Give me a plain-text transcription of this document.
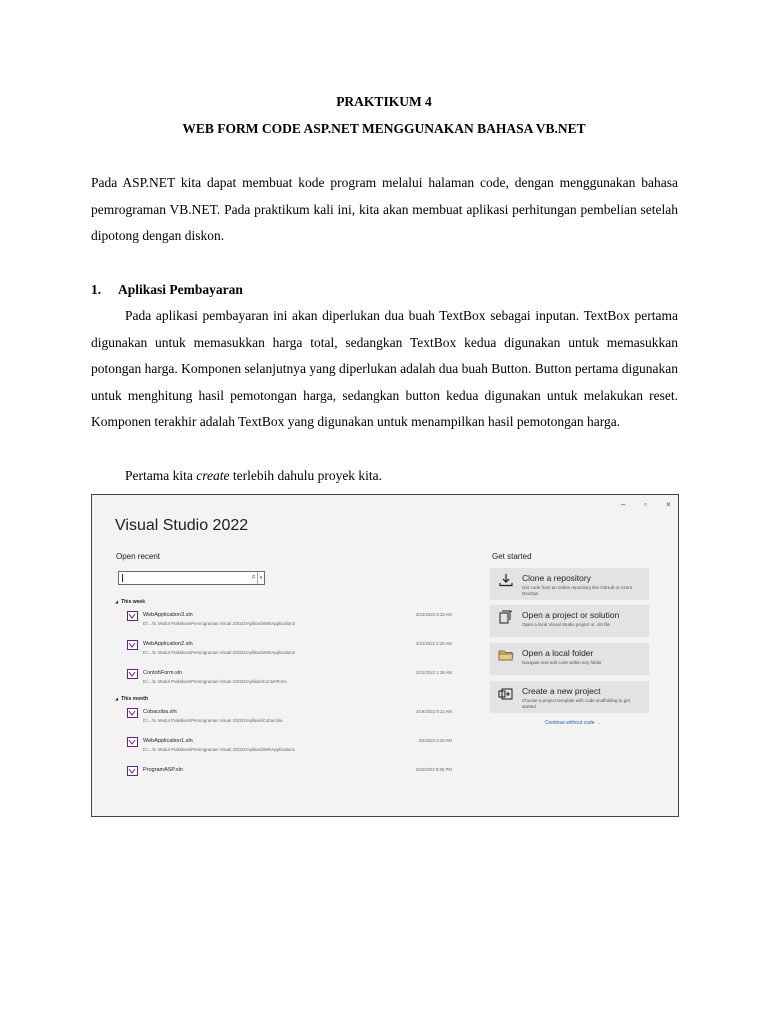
PRAKTIKUM 4
WEB FORM CODE ASP.NET MENGGUNAKAN BAHASA VB.NET
Pada ASP.NET kita dapat membuat kode program melalui halaman code, dengan menggunakan bahasa pemrograman VB.NET. Pada praktikum kali ini, kita akan membuat aplikasi perhitungan pembelian setelah dipotong dengan diskon.
1. Aplikasi Pembayaran
Pada aplikasi pembayaran ini akan diperlukan dua buah TextBox sebagai inputan. TextBox pertama digunakan untuk memasukkan harga total, sedangkan TextBox kedua digunakan untuk memasukkan potongan harga. Komponen selanjutnya yang diperlukan adalah dua buah Button. Button pertama digunakan untuk menghitung hasil pemotongan harga, sedangkan button kedua digunakan untuk melakukan reset. Komponen terakhir adalah TextBox yang digunakan untuk menampilkan hasil pemotongan harga.
Pertama kita create terlebih dahulu proyek kita.
– ▫ ×
Visual Studio 2022
Open recent
⌕ ▾
◢ This week
WebApplication3.sln
D:\...\5. Modul Praktikum\Pemrograman Visual 2\2022\Aplikasi\WebApplication3
3/23/2022 8:33 AM
WebApplication2.sln
D:\...\5. Modul Praktikum\Pemrograman Visual 2\2022\Aplikasi\WebApplication2
3/21/2022 2:30 AM
ContohForm.sln
D:\...\5. Modul Praktikum\Pemrograman Visual 2\2022\Aplikasi\ContohForm
3/21/2022 1:36 AM
◢ This month
Cobacoba.sln
D:\...\5. Modul Praktikum\Pemrograman Visual 2\2022\Aplikasi\Cobacoba
3/19/2022 9:12 AM
WebApplication1.sln
D:\...\5. Modul Praktikum\Pemrograman Visual 2\2022\Aplikasi\WebApplication1
3/2/2022 6:20 AM
ProgramASP.sln	2/26/2022 8:05 PM
Get started
Clone a repository
Get code from an online repository like GitHub or Azure DevOps
Open a project or solution
Open a local Visual Studio project or .sln file
Open a local folder
Navigate and edit code within any folder
Create a new project
Choose a project template with code scaffolding to get started
Continue without code →
